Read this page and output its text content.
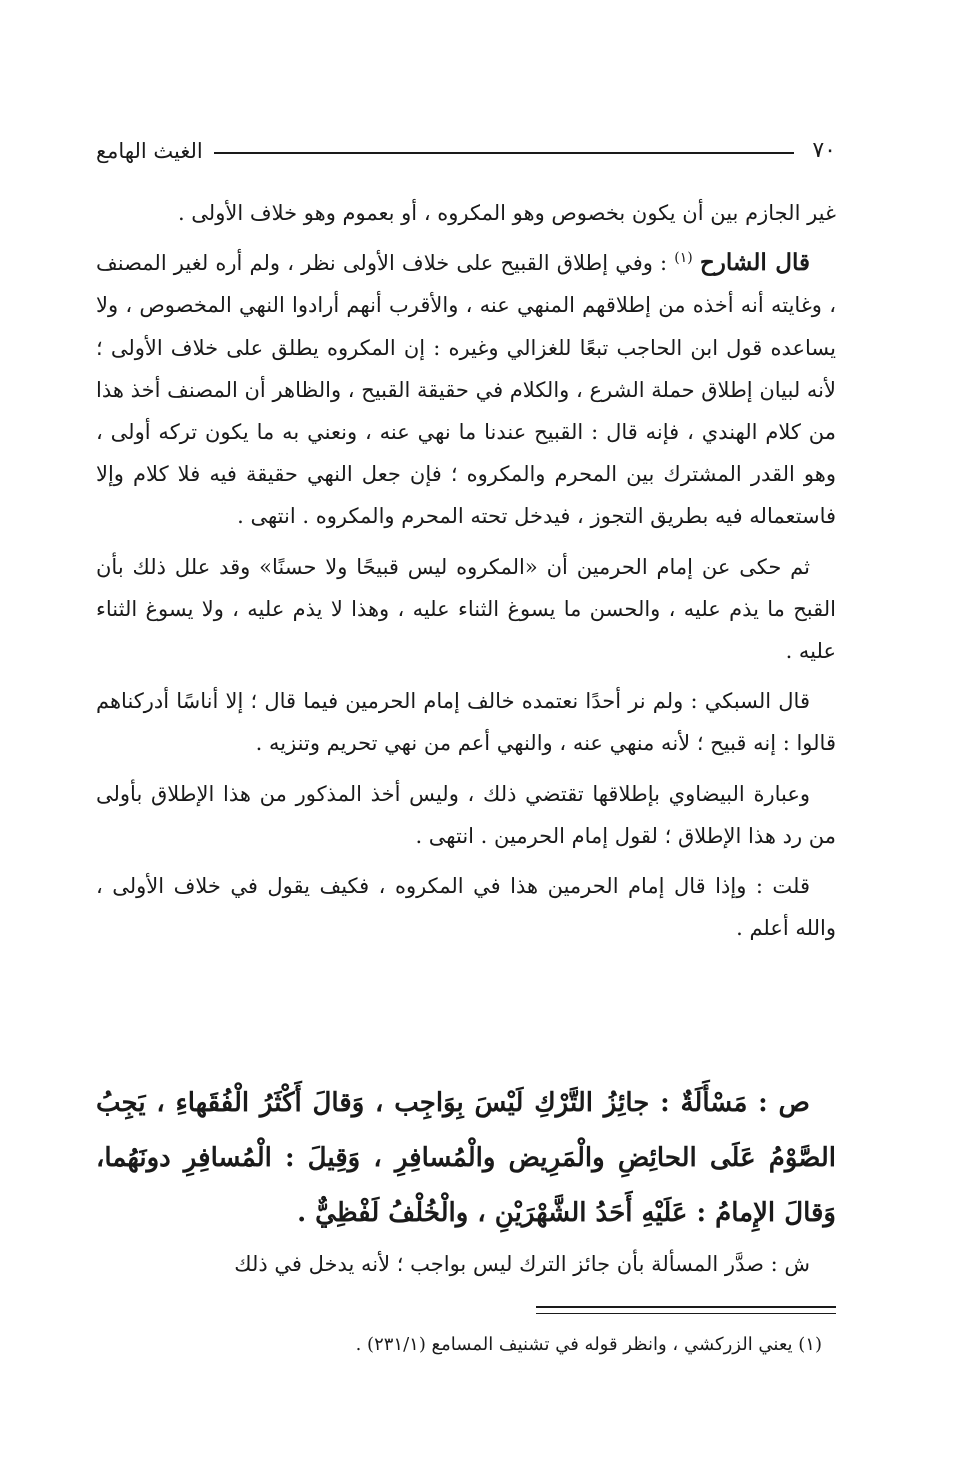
٧٠
الغيث الهامع

غير الجازم بين أن يكون بخصوص وهو المكروه ، أو بعموم وهو خلاف الأولى .

قال الشارح $^{(١)}$ : وفي إطلاق القبيح على خلاف الأولى نظر ، ولم أره لغير المصنف ، وغايته أنه أخذه من إطلاقهم المنهي عنه ، والأقرب أنهم أرادوا النهي المخصوص ، ولا يساعده قول ابن الحاجب تبعًا للغزالي وغيره : إن المكروه يطلق على خلاف الأولى ؛ لأنه لبيان إطلاق حملة الشرع ، والكلام في حقيقة القبيح ، والظاهر أن المصنف أخذ هذا من كلام الهندي ، فإنه قال : القبيح عندنا ما نهي عنه ، ونعني به ما يكون تركه أولى ، وهو القدر المشترك بين المحرم والمكروه ؛ فإن جعل النهي حقيقة فيه فلا كلام وإلا فاستعماله فيه بطريق التجوز ، فيدخل تحته المحرم والمكروه . انتهى .

ثم حكى عن إمام الحرمين أن «المكروه ليس قبيحًا ولا حسنًا» وقد علل ذلك بأن القبح ما يذم عليه ، والحسن ما يسوغ الثناء عليه ، وهذا لا يذم عليه ، ولا يسوغ الثناء عليه .

قال السبكي : ولم نر أحدًا نعتمده خالف إمام الحرمين فيما قال ؛ إلا أناسًا أدركناهم قالوا : إنه قبيح ؛ لأنه منهي عنه ، والنهي أعم من نهي تحريم وتنزيه .

وعبارة البيضاوي بإطلاقها تقتضي ذلك ، وليس أخذ المذكور من هذا الإطلاق بأولى من رد هذا الإطلاق ؛ لقول إمام الحرمين . انتهى .

قلت : وإذا قال إمام الحرمين هذا في المكروه ، فكيف يقول في خلاف الأولى ، والله أعلم .

ص : مَسْأَلَةٌ : جائِزُ التَّرْكِ لَيْسَ بِوَاجِب ، وَقالَ أَكْثَرُ الْفُقَهاءِ ، يَجِبُ الصَّوْمُ عَلَى الحائِضِ والْمَرِيض والْمُسافِرِ ، وَقِيلَ : الْمُسافِرِ دونَهُما، وَقالَ الإِمامُ : عَلَيْهِ أَحَدُ الشَّهْرَيْنِ ، والْخُلْفُ لَفْظِيٌّ .

ش : صدَّر المسألة بأن جائز الترك ليس بواجب ؛ لأنه يدخل في ذلك

(١) يعني الزركشي ، وانظر قوله في تشنيف المسامع (٢٣١/١) .
